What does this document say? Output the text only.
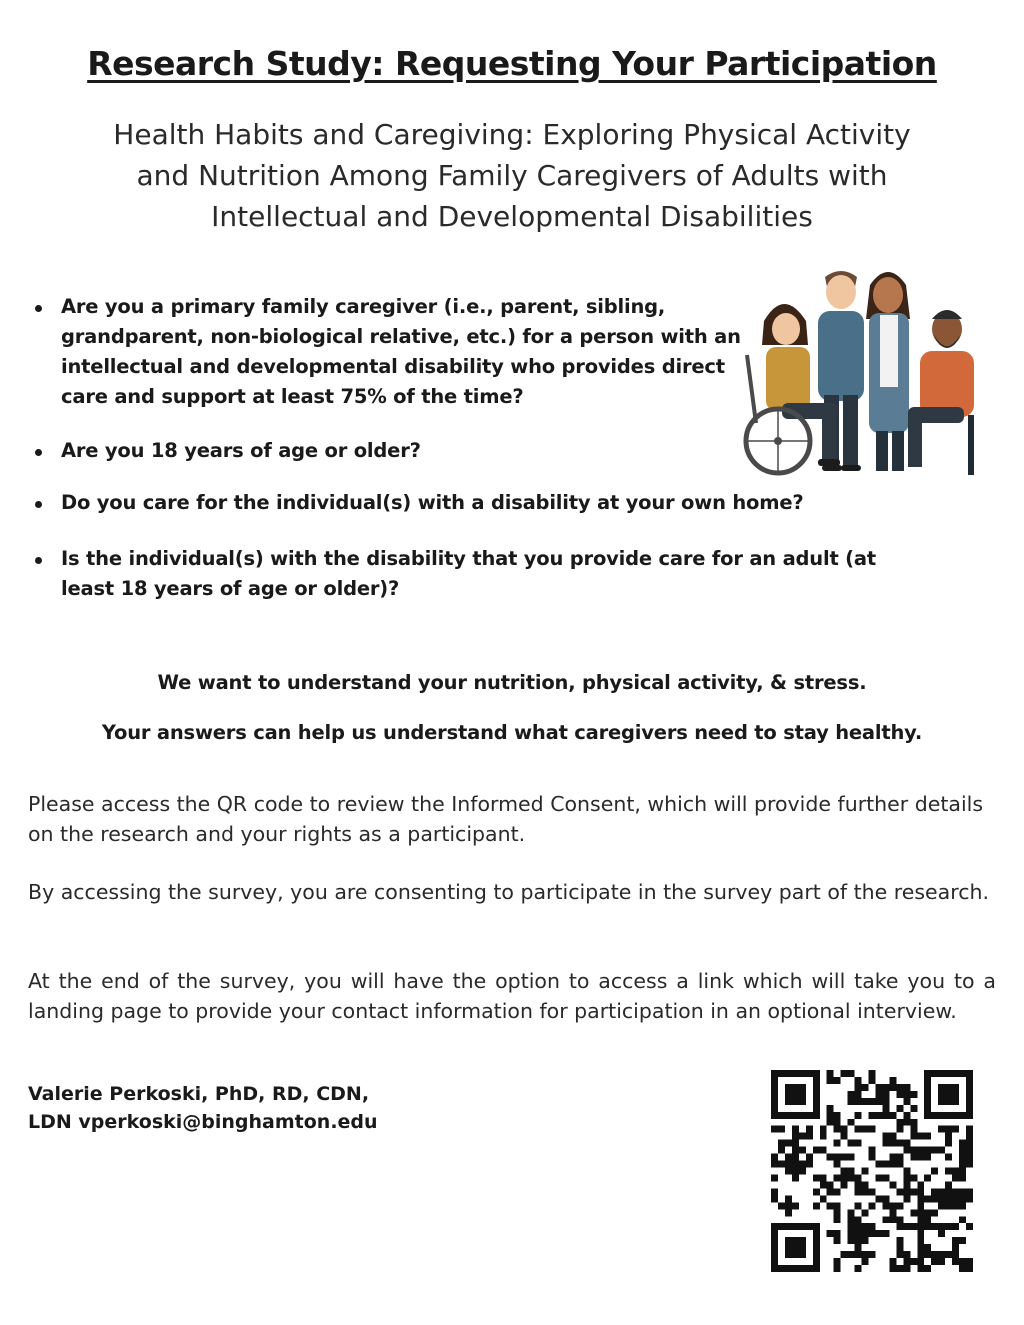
Research Study: Requesting Your Participation
Health Habits and Caregiving: Exploring Physical Activity
and Nutrition Among Family Caregivers of Adults with
Intellectual and Developmental Disabilities
Are you a primary family caregiver (i.e., parent, sibling, grandparent, non-biological relative, etc.) for a person with an intellectual and developmental disability who provides direct care and support at least 75% of the time?
Are you 18 years of age or older?
Do you care for the individual(s) with a disability at your own home?
Is the individual(s) with the disability that you provide care for an adult (at least 18 years of age or older)?

We want to understand your nutrition, physical activity, & stress.

Your answers can help us understand what caregivers need to stay healthy.

Please access the QR code to review the Informed Consent, which will provide further details on the research and your rights as a participant.

By accessing the survey, you are consenting to participate in the survey part of the research.

At the end of the survey, you will have the option to access a link which will take you to a landing page to provide your contact information for participation in an optional interview.

Valerie Perkoski, PhD, RD, CDN,
LDN vperkoski@binghamton.edu
